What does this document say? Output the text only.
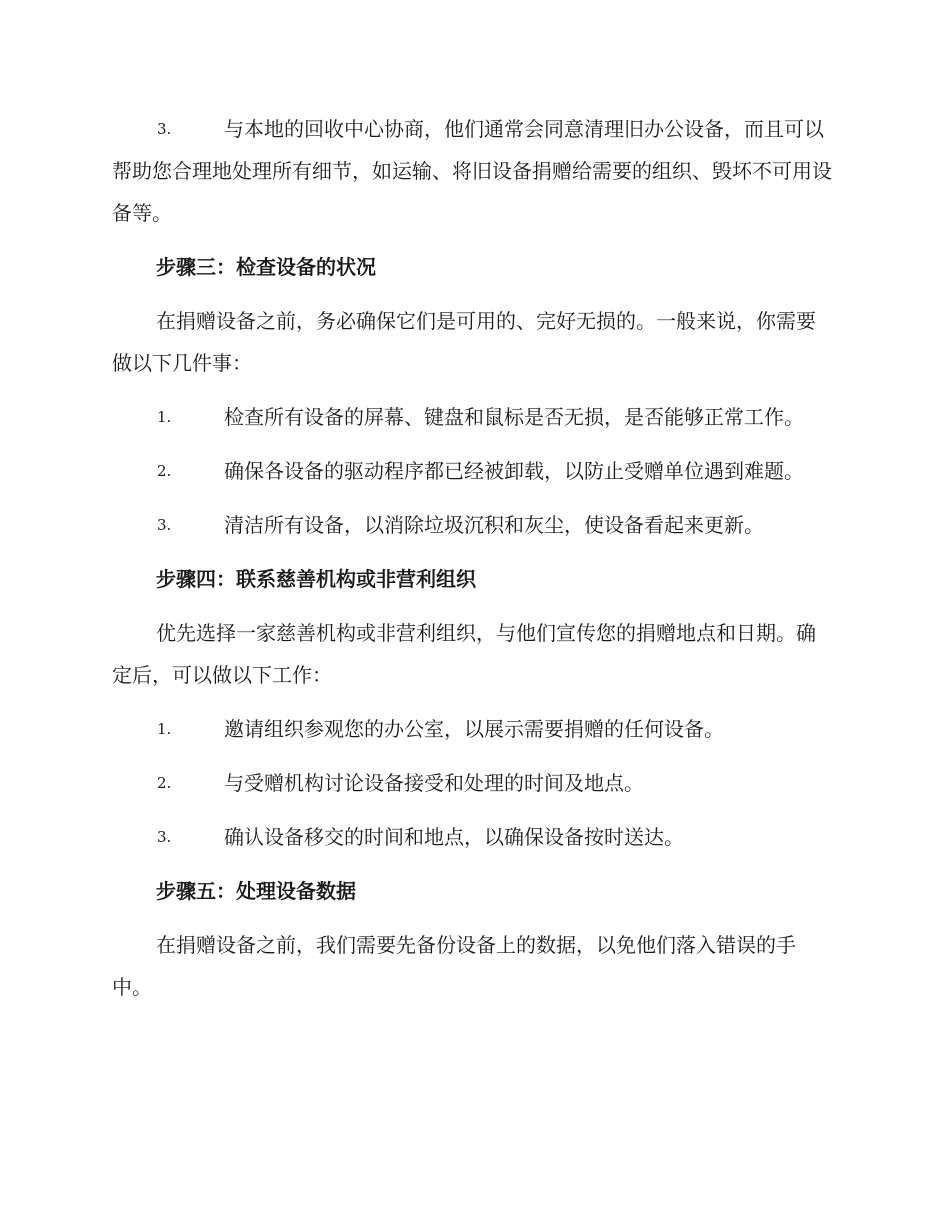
3.	与本地的回收中心协商，他们通常会同意清理旧办公设备，而且可以帮助您合理地处理所有细节，如运输、将旧设备捐赠给需要的组织、毁坏不可用设备等。
步骤三：检查设备的状况
在捐赠设备之前，务必确保它们是可用的、完好无损的。一般来说，你需要做以下几件事：
1.	检查所有设备的屏幕、键盘和鼠标是否无损，是否能够正常工作。
2.	确保各设备的驱动程序都已经被卸载，以防止受赠单位遇到难题。
3.	清洁所有设备，以消除垃圾沉积和灰尘，使设备看起来更新。
步骤四：联系慈善机构或非营利组织
优先选择一家慈善机构或非营利组织，与他们宣传您的捐赠地点和日期。确定后，可以做以下工作：
1.	邀请组织参观您的办公室，以展示需要捐赠的任何设备。
2.	与受赠机构讨论设备接受和处理的时间及地点。
3.	确认设备移交的时间和地点，以确保设备按时送达。
步骤五：处理设备数据
在捐赠设备之前，我们需要先备份设备上的数据，以免他们落入错误的手中。
